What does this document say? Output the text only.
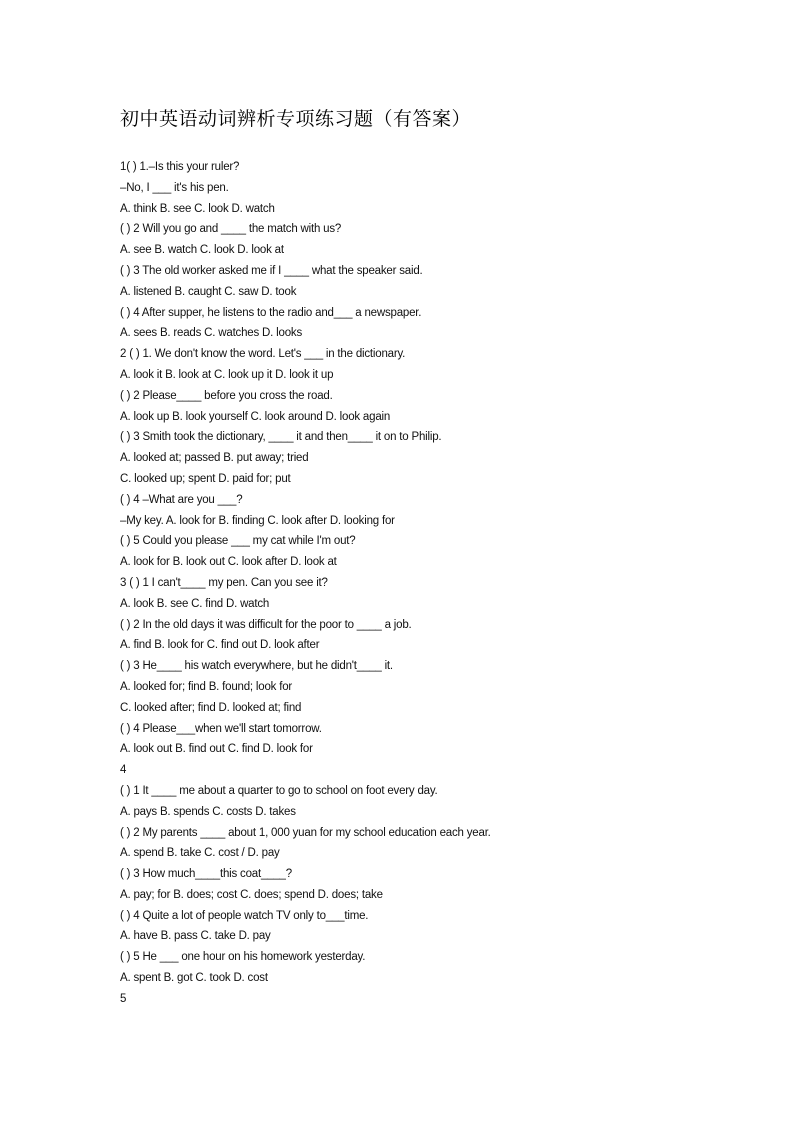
初中英语动词辨析专项练习题（有答案）
1( ) 1.–Is this your ruler?
–No, I ___ it's his pen.
A. think B. see C. look D. watch
( ) 2 Will you go and ____ the match with us?
A. see B. watch C. look D. look at
( ) 3 The old worker asked me if I ____ what the speaker said.
A. listened B. caught C. saw D. took
( ) 4 After supper, he listens to the radio and___ a newspaper.
A. sees B. reads C. watches D. looks
2 ( ) 1. We don't know the word. Let's ___ in the dictionary.
A. look it B. look at C. look up it D. look it up
( ) 2 Please____ before you cross the road.
A. look up B. look yourself C. look around D. look again
( ) 3 Smith took the dictionary, ____ it and then____ it on to Philip.
A. looked at; passed B. put away; tried
C. looked up; spent D. paid for; put
( ) 4 –What are you ___?
–My key. A. look for B. finding C. look after D. looking for
( ) 5 Could you please ___ my cat while I'm out?
A. look for B. look out C. look after D. look at
3 ( ) 1 I can't____ my pen. Can you see it?
A. look B. see C. find D. watch
( ) 2 In the old days it was difficult for the poor to ____ a job.
A. find B. look for C. find out D. look after
( ) 3 He____ his watch everywhere, but he didn't____ it.
A. looked for; find B. found; look for
C. looked after; find D. looked at; find
( ) 4 Please___when we'll start tomorrow.
A. look out B. find out C. find D. look for
4
( ) 1 It ____ me about a quarter to go to school on foot every day.
A. pays B. spends C. costs D. takes
( ) 2 My parents ____ about 1, 000 yuan for my school education each year.
A. spend B. take C. cost / D. pay
( ) 3 How much____this coat____?
A. pay; for B. does; cost C. does; spend D. does; take
( ) 4 Quite a lot of people watch TV only to___time.
A. have B. pass C. take D. pay
( ) 5 He ___ one hour on his homework yesterday.
A. spent B. got C. took D. cost
5
